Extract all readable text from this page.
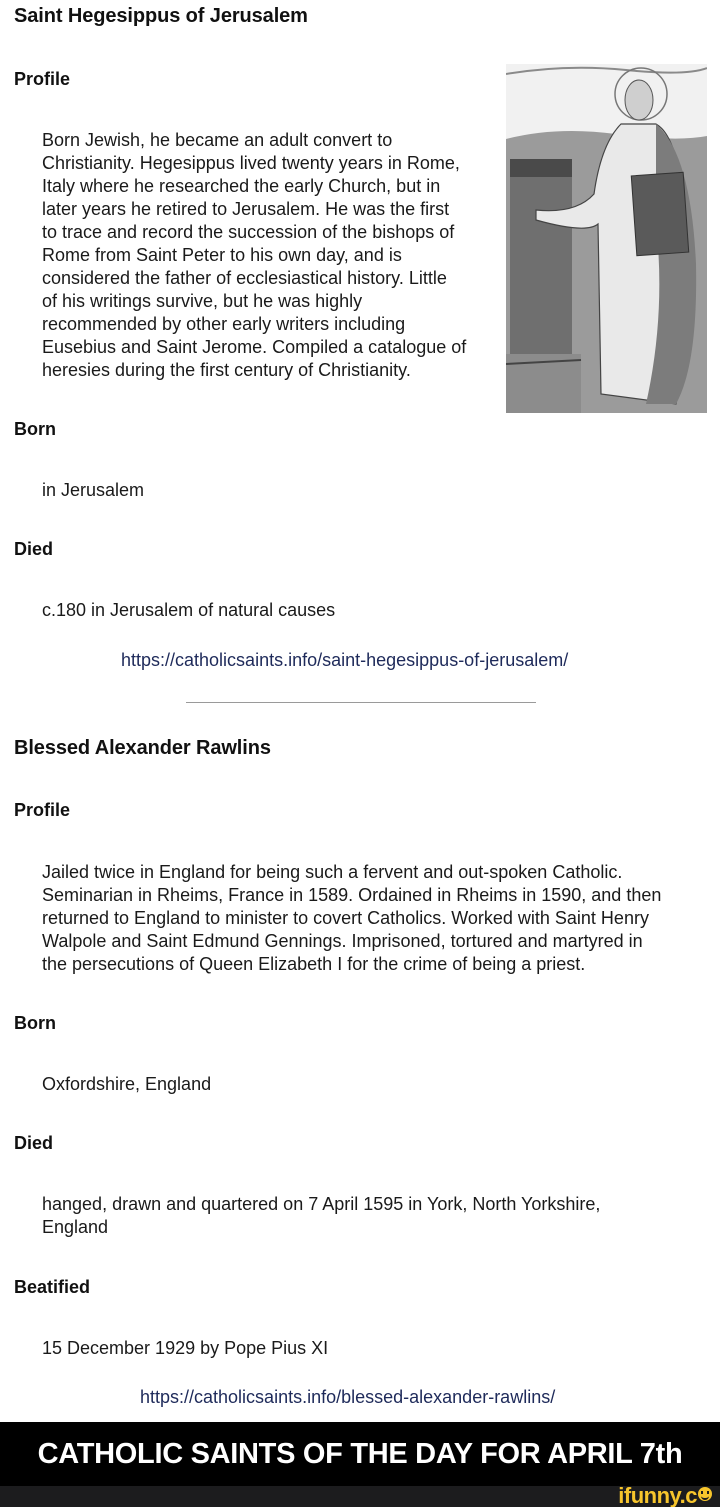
Saint Hegesippus of Jerusalem
Profile
Born Jewish, he became an adult convert to
Christianity. Hegesippus lived twenty years in Rome,
Italy where he researched the early Church, but in
later years he retired to Jerusalem. He was the first
to trace and record the succession of the bishops of
Rome from Saint Peter to his own day, and is
considered the father of ecclesiastical history. Little
of his writings survive, but he was highly
recommended by other early writers including
Eusebius and Saint Jerome. Compiled a catalogue of
heresies during the first century of Christianity.
Born
in Jerusalem
Died
c.180 in Jerusalem of natural causes
https://catholicsaints.info/saint-hegesippus-of-jerusalem/
Blessed Alexander Rawlins
Profile
Jailed twice in England for being such a fervent and out-spoken Catholic.
Seminarian in Rheims, France in 1589. Ordained in Rheims in 1590, and then
returned to England to minister to covert Catholics. Worked with Saint Henry
Walpole and Saint Edmund Gennings. Imprisoned, tortured and martyred in
the persecutions of Queen Elizabeth I for the crime of being a priest.
Born
Oxfordshire, England
Died
hanged, drawn and quartered on 7 April 1595 in York, North Yorkshire,
England
Beatified
15 December 1929 by Pope Pius XI
https://catholicsaints.info/blessed-alexander-rawlins/
CATHOLIC SAINTS OF THE DAY FOR APRIL 7th
ifunny.c
